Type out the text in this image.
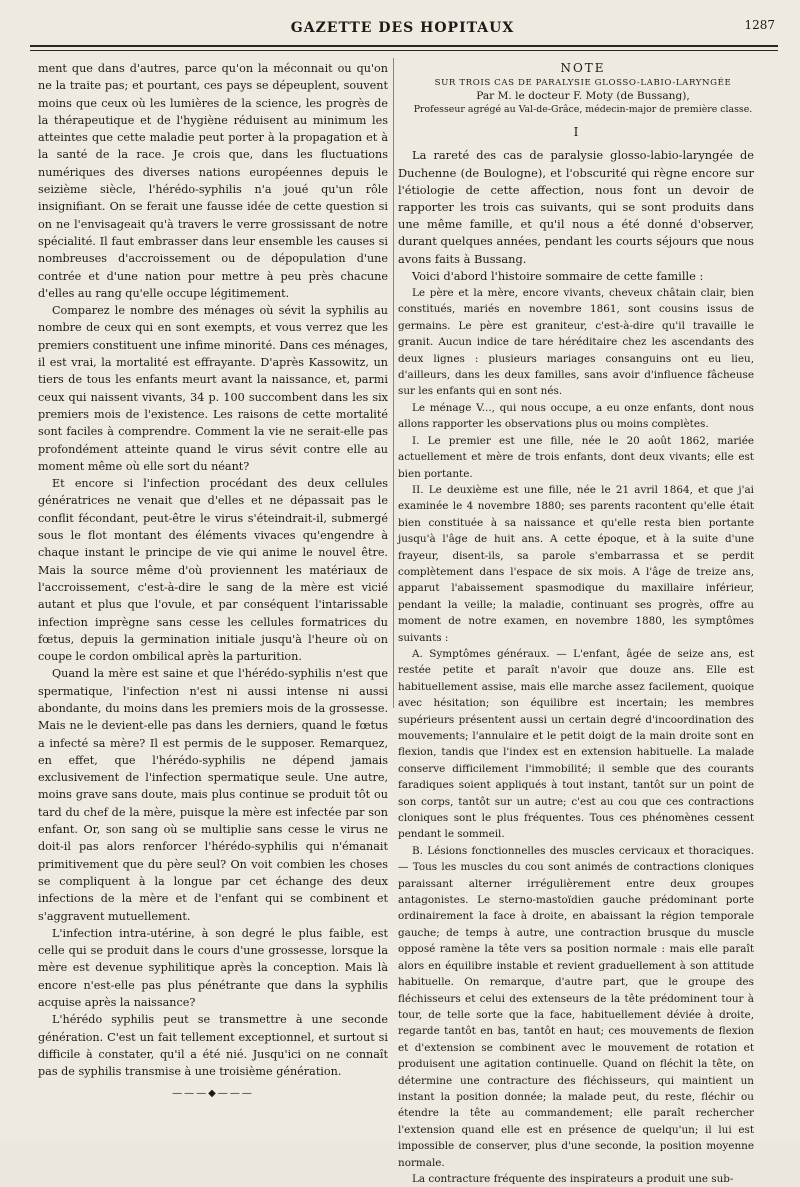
GAZETTE DES HOPITAUX	1287

ment que dans d'autres, parce qu'on la méconnait ou qu'on ne la traite pas; et pourtant, ces pays se dépeuplent, souvent moins que ceux où les lumières de la science, les progrès de la thérapeutique et de l'hygiène réduisent au minimum les atteintes que cette maladie peut porter à la propagation et à la santé de la race. Je crois que, dans les fluctuations numériques des diverses nations européennes depuis le seizième siècle, l'hérédo-syphilis n'a joué qu'un rôle insignifiant. On se ferait une fausse idée de cette question si on ne l'envisageait qu'à travers le verre grossissant de notre spécialité. Il faut embrasser dans leur ensemble les causes si nombreuses d'accroissement ou de dépopulation d'une contrée et d'une nation pour mettre à peu près chacune d'elles au rang qu'elle occupe légitimement.

Comparez le nombre des ménages où sévit la syphilis au nombre de ceux qui en sont exempts, et vous verrez que les premiers constituent une infime minorité. Dans ces ménages, il est vrai, la mortalité est effrayante. D'après Kassowitz, un tiers de tous les enfants meurt avant la naissance, et, parmi ceux qui naissent vivants, 34 p. 100 succombent dans les six premiers mois de l'existence. Les raisons de cette mortalité sont faciles à comprendre. Comment la vie ne serait-elle pas profondément atteinte quand le virus sévit contre elle au moment même où elle sort du néant?

Et encore si l'infection procédant des deux cellules génératrices ne venait que d'elles et ne dépassait pas le conflit fécondant, peut-être le virus s'éteindrait-il, submergé sous le flot montant des éléments vivaces qu'engendre à chaque instant le principe de vie qui anime le nouvel être. Mais la source même d'où proviennent les matériaux de l'accroissement, c'est-à-dire le sang de la mère est vicié autant et plus que l'ovule, et par conséquent l'intarissable infection imprègne sans cesse les cellules formatrices du fœtus, depuis la germination initiale jusqu'à l'heure où on coupe le cordon ombilical après la parturition.

Quand la mère est saine et que l'hérédo-syphilis n'est que spermatique, l'infection n'est ni aussi intense ni aussi abondante, du moins dans les premiers mois de la grossesse. Mais ne le devient-elle pas dans les derniers, quand le fœtus a infecté sa mère? Il est permis de le supposer. Remarquez, en effet, que l'hérédo-syphilis ne dépend jamais exclusivement de l'infection spermatique seule. Une autre, moins grave sans doute, mais plus continue se produit tôt ou tard du chef de la mère, puisque la mère est infectée par son enfant. Or, son sang où se multiplie sans cesse le virus ne doit-il pas alors renforcer l'hérédo-syphilis qui n'émanait primitivement que du père seul? On voit combien les choses se compliquent à la longue par cet échange des deux infections de la mère et de l'enfant qui se combinent et s'aggravent mutuellement.

L'infection intra-utérine, à son degré le plus faible, est celle qui se produit dans le cours d'une grossesse, lorsque la mère est devenue syphilitique après la conception. Mais là encore n'est-elle pas plus pénétrante que dans la syphilis acquise après la naissance?

L'hérédo syphilis peut se transmettre à une seconde génération. C'est un fait tellement exceptionnel, et surtout si difficile à constater, qu'il a été nié. Jusqu'ici on ne connaît pas de syphilis transmise à une troisième génération.

———◆———

NOTE

SUR TROIS CAS DE PARALYSIE GLOSSO-LABIO-LARYNGÉE

Par M. le docteur F. Moty (de Bussang),

Professeur agrégé au Val-de-Grâce, médecin-major de première classe.

I

La rareté des cas de paralysie glosso-labio-laryngée de Duchenne (de Boulogne), et l'obscurité qui règne encore sur l'étiologie de cette affection, nous font un devoir de rapporter les trois cas suivants, qui se sont produits dans une même famille, et qu'il nous a été donné d'observer, durant quelques années, pendant les courts séjours que nous avons faits à Bussang.

Voici d'abord l'histoire sommaire de cette famille :

Le père et la mère, encore vivants, cheveux châtain clair, bien constitués, mariés en novembre 1861, sont cousins issus de germains. Le père est graniteur, c'est-à-dire qu'il travaille le granit. Aucun indice de tare héréditaire chez les ascendants des deux lignes : plusieurs mariages consanguins ont eu lieu, d'ailleurs, dans les deux familles, sans avoir d'influence fâcheuse sur les enfants qui en sont nés.

Le ménage V..., qui nous occupe, a eu onze enfants, dont nous allons rapporter les observations plus ou moins complètes.

I. Le premier est une fille, née le 20 août 1862, mariée actuellement et mère de trois enfants, dont deux vivants; elle est bien portante.

II. Le deuxième est une fille, née le 21 avril 1864, et que j'ai examinée le 4 novembre 1880; ses parents racontent qu'elle était bien constituée à sa naissance et qu'elle resta bien portante jusqu'à l'âge de huit ans. A cette époque, et à la suite d'une frayeur, disent-ils, sa parole s'embarrassa et se perdit complètement dans l'espace de six mois. A l'âge de treize ans, apparut l'abaissement spasmodique du maxillaire inférieur, pendant la veille; la maladie, continuant ses progrès, offre au moment de notre examen, en novembre 1880, les symptômes suivants :

A. Symptômes généraux. — L'enfant, âgée de seize ans, est restée petite et paraît n'avoir que douze ans. Elle est habituellement assise, mais elle marche assez facilement, quoique avec hésitation; son équilibre est incertain; les membres supérieurs présentent aussi un certain degré d'incoordination des mouvements; l'annulaire et le petit doigt de la main droite sont en flexion, tandis que l'index est en extension habituelle. La malade conserve difficilement l'immobilité; il semble que des courants faradiques soient appliqués à tout instant, tantôt sur un point de son corps, tantôt sur un autre; c'est au cou que ces contractions cloniques sont le plus fréquentes. Tous ces phénomènes cessent pendant le sommeil.

B. Lésions fonctionnelles des muscles cervicaux et thoraciques. — Tous les muscles du cou sont animés de contractions cloniques paraissant alterner irrégulièrement entre deux groupes antagonistes. Le sterno-mastoïdien gauche prédominant porte ordinairement la face à droite, en abaissant la région temporale gauche; de temps à autre, une contraction brusque du muscle opposé ramène la tête vers sa position normale : mais elle paraît alors en équilibre instable et revient graduellement à son attitude habituelle. On remarque, d'autre part, que le groupe des fléchisseurs et celui des extenseurs de la tête prédominent tour à tour, de telle sorte que la face, habituellement déviée à droite, regarde tantôt en bas, tantôt en haut; ces mouvements de flexion et d'extension se combinent avec le mouvement de rotation et produisent une agitation continuelle. Quand on fléchit la tête, on détermine une contracture des fléchisseurs, qui maintient un instant la position donnée; la malade peut, du reste, fléchir ou étendre la tête au commandement; elle paraît rechercher l'extension quand elle est en présence de quelqu'un; il lui est impossible de conserver, plus d'une seconde, la position moyenne normale.

La contracture fréquente des inspirateurs a produit une sub-
